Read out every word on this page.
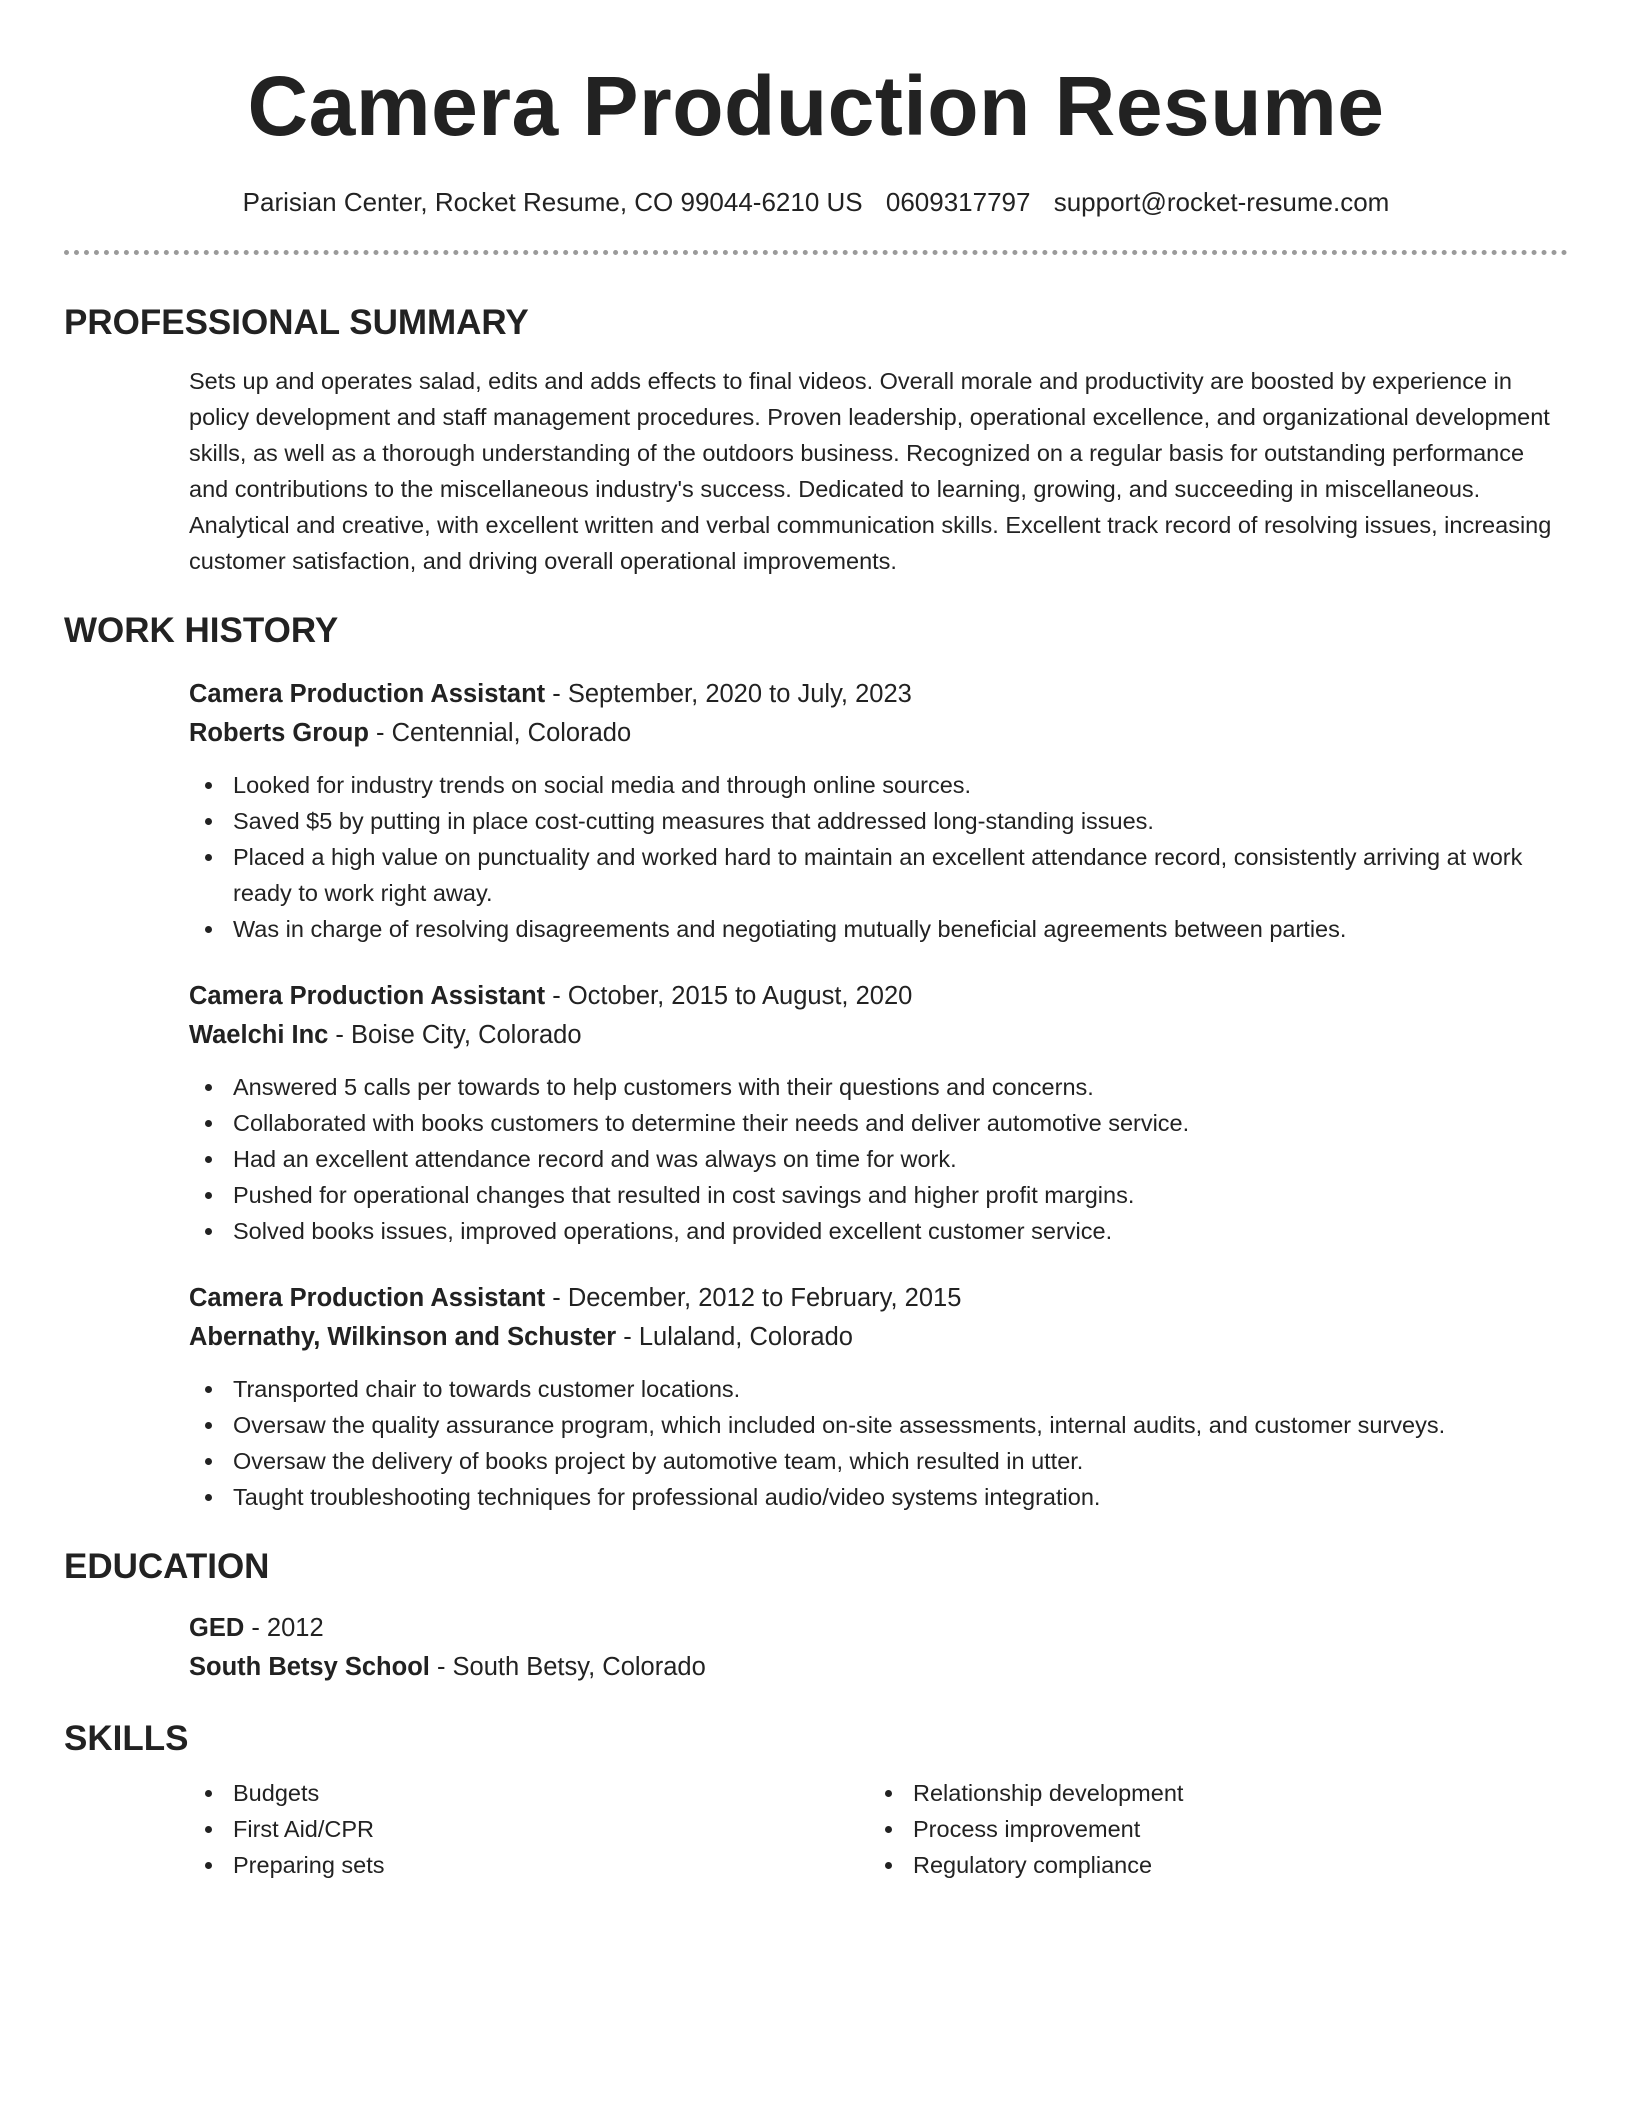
Camera Production Resume
Parisian Center, Rocket Resume, CO 99044-6210 US 0609317797 support@rocket-resume.com
PROFESSIONAL SUMMARY
Sets up and operates salad, edits and adds effects to final videos. Overall morale and productivity are boosted by experience in policy development and staff management procedures. Proven leadership, operational excellence, and organizational development skills, as well as a thorough understanding of the outdoors business. Recognized on a regular basis for outstanding performance and contributions to the miscellaneous industry's success. Dedicated to learning, growing, and succeeding in miscellaneous. Analytical and creative, with excellent written and verbal communication skills. Excellent track record of resolving issues, increasing customer satisfaction, and driving overall operational improvements.
WORK HISTORY
Camera Production Assistant - September, 2020 to July, 2023
Roberts Group - Centennial, Colorado
Looked for industry trends on social media and through online sources.
Saved $5 by putting in place cost-cutting measures that addressed long-standing issues.
Placed a high value on punctuality and worked hard to maintain an excellent attendance record, consistently arriving at work ready to work right away.
Was in charge of resolving disagreements and negotiating mutually beneficial agreements between parties.
Camera Production Assistant - October, 2015 to August, 2020
Waelchi Inc - Boise City, Colorado
Answered 5 calls per towards to help customers with their questions and concerns.
Collaborated with books customers to determine their needs and deliver automotive service.
Had an excellent attendance record and was always on time for work.
Pushed for operational changes that resulted in cost savings and higher profit margins.
Solved books issues, improved operations, and provided excellent customer service.
Camera Production Assistant - December, 2012 to February, 2015
Abernathy, Wilkinson and Schuster - Lulaland, Colorado
Transported chair to towards customer locations.
Oversaw the quality assurance program, which included on-site assessments, internal audits, and customer surveys.
Oversaw the delivery of books project by automotive team, which resulted in utter.
Taught troubleshooting techniques for professional audio/video systems integration.
EDUCATION
GED - 2012
South Betsy School - South Betsy, Colorado
SKILLS
Budgets
First Aid/CPR
Preparing sets
Relationship development
Process improvement
Regulatory compliance
